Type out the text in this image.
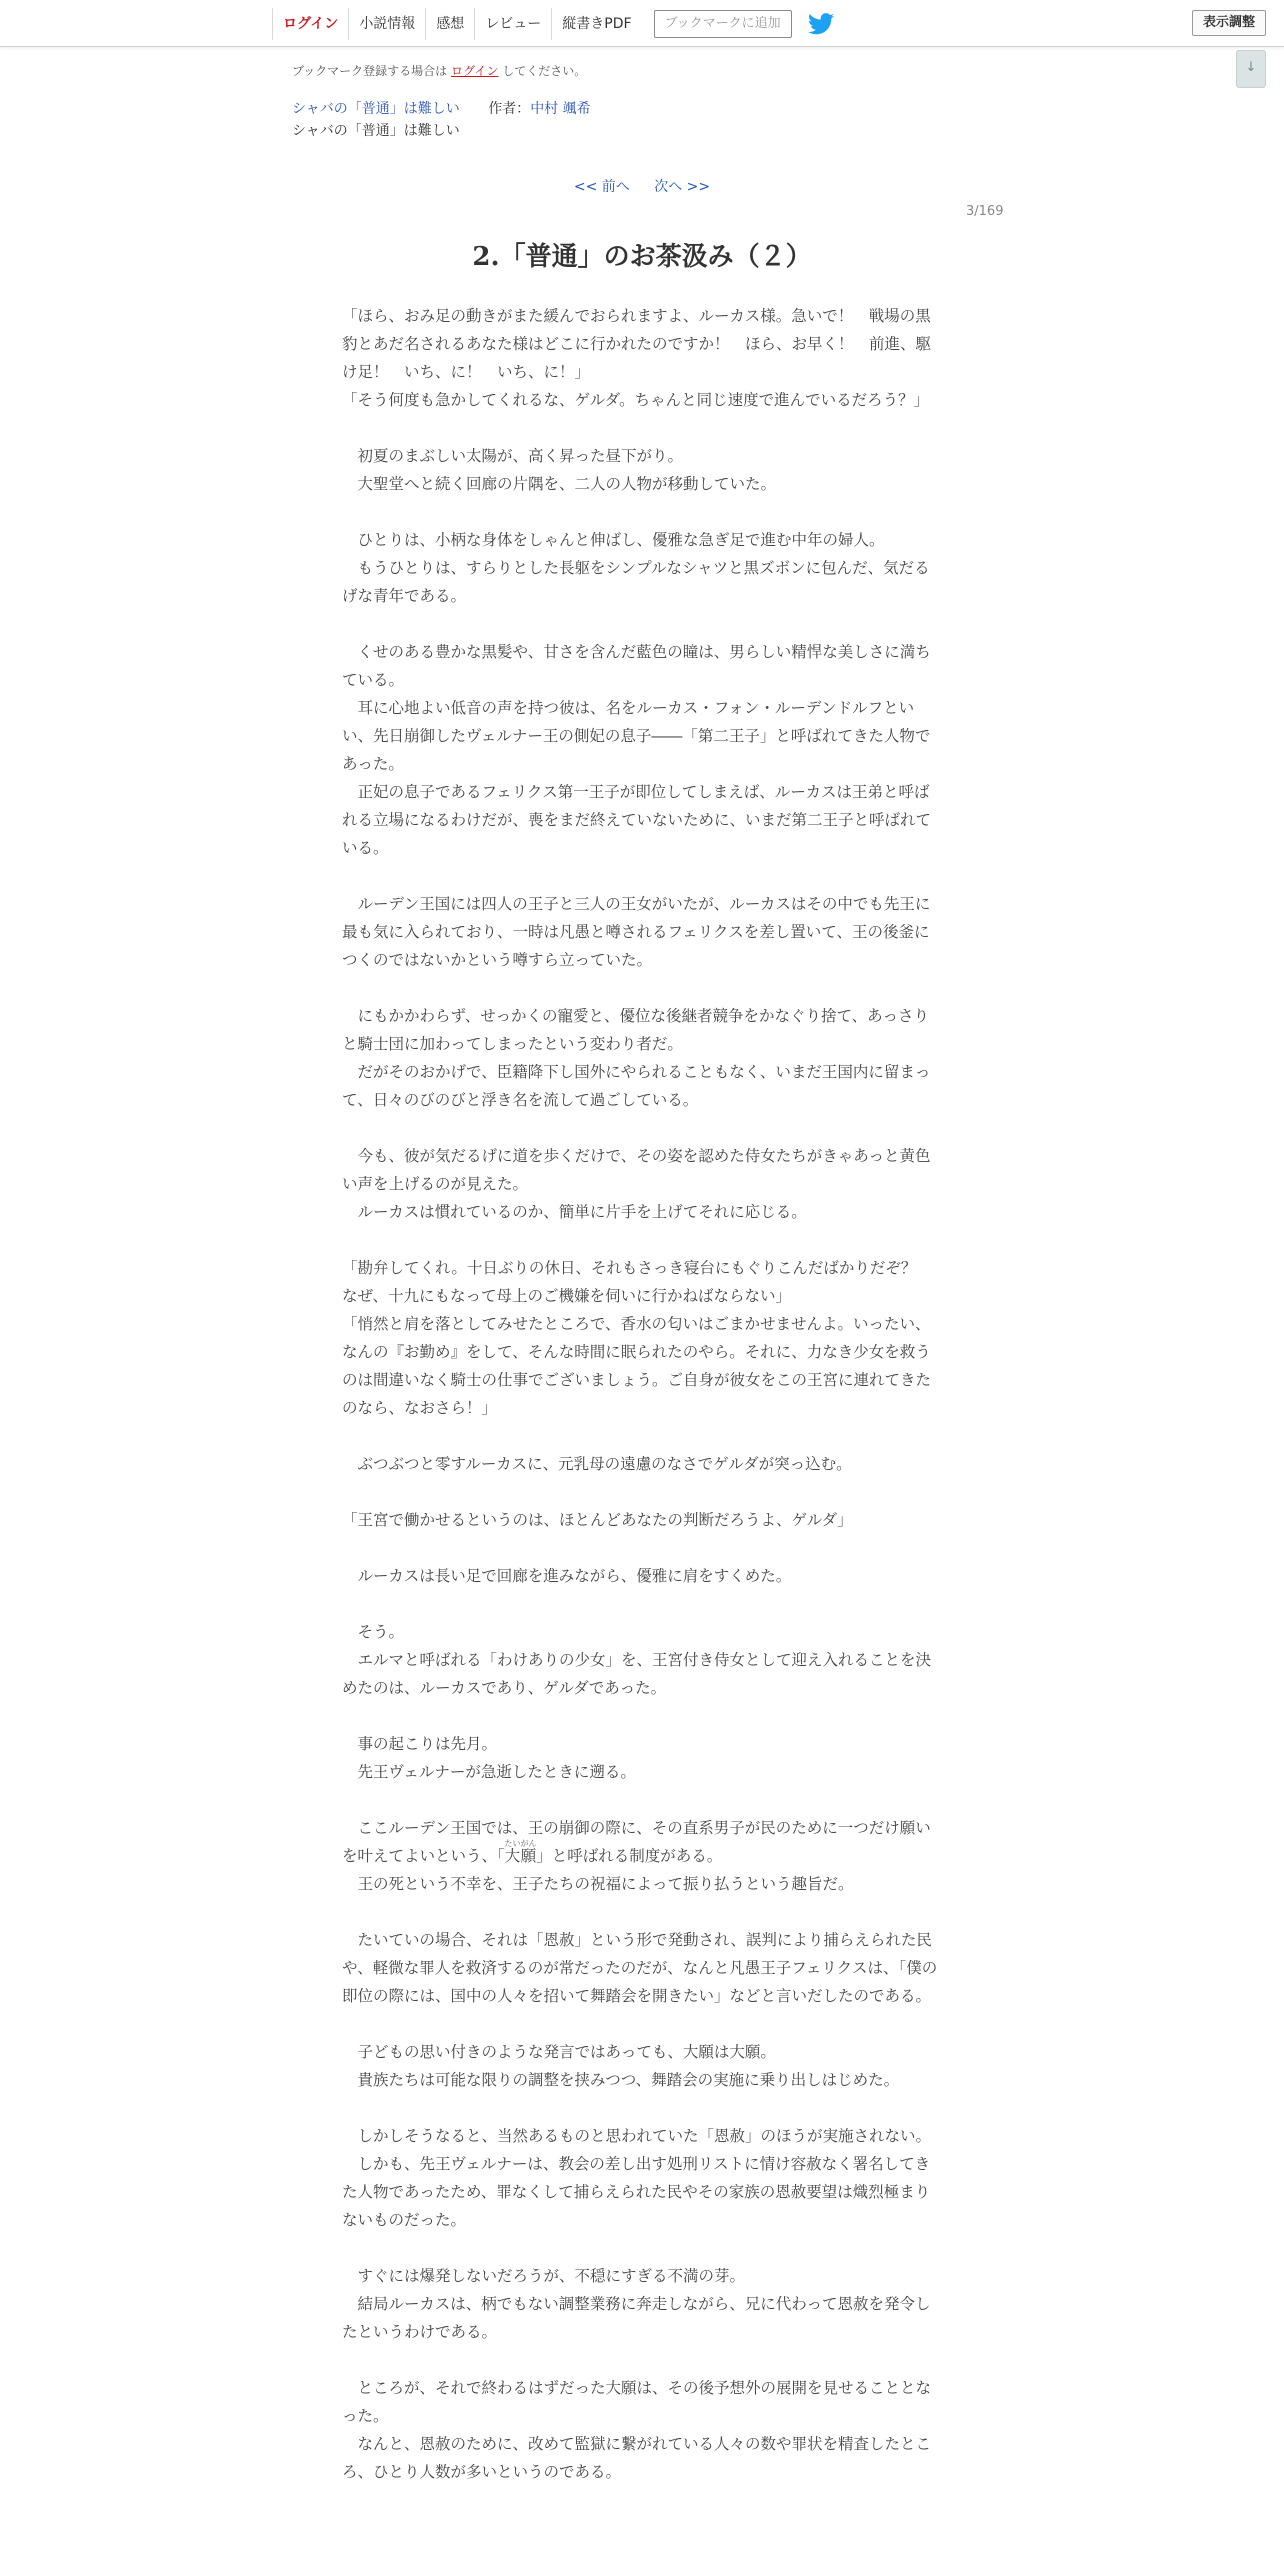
ログイン	小説情報	感想	レビュー	縦書きPDF	ブックマークに追加	表示調整
↓
ブックマーク登録する場合は ログイン してください。
シャバの「普通」は難しい 作者：中村 颯希
シャバの「普通」は難しい
<< 前へ 次へ >>
3/169
2.「普通」のお茶汲み（２）

「ほら、おみ足の動きがまた緩んでおられますよ、ルーカス様。急いで！　戦場の黒豹とあだ名されるあなた様はどこに行かれたのですか！　ほら、お早く！　前進、駆け足！　いち、に！　いち、に！」

「そう何度も急かしてくれるな、ゲルダ。ちゃんと同じ速度で進んでいるだろう？」

　初夏のまぶしい太陽が、高く昇った昼下がり。

　大聖堂へと続く回廊の片隅を、二人の人物が移動していた。

　ひとりは、小柄な身体をしゃんと伸ばし、優雅な急ぎ足で進む中年の婦人。

　もうひとりは、すらりとした長躯をシンプルなシャツと黒ズボンに包んだ、気だるげな青年である。

　くせのある豊かな黒髪や、甘さを含んだ藍色の瞳は、男らしい精悍な美しさに満ちている。

　耳に心地よい低音の声を持つ彼は、名をルーカス・フォン・ルーデンドルフといい、先日崩御したヴェルナー王の側妃の息子――「第二王子」と呼ばれてきた人物であった。

　正妃の息子であるフェリクス第一王子が即位してしまえば、ルーカスは王弟と呼ばれる立場になるわけだが、喪をまだ終えていないために、いまだ第二王子と呼ばれている。

　ルーデン王国には四人の王子と三人の王女がいたが、ルーカスはその中でも先王に最も気に入られており、一時は凡愚と噂されるフェリクスを差し置いて、王の後釜につくのではないかという噂すら立っていた。

　にもかかわらず、せっかくの寵愛と、優位な後継者競争をかなぐり捨て、あっさりと騎士団に加わってしまったという変わり者だ。

　だがそのおかげで、臣籍降下し国外にやられることもなく、いまだ王国内に留まって、日々のびのびと浮き名を流して過ごしている。

　今も、彼が気だるげに道を歩くだけで、その姿を認めた侍女たちがきゃあっと黄色い声を上げるのが見えた。

　ルーカスは慣れているのか、簡単に片手を上げてそれに応じる。

「勘弁してくれ。十日ぶりの休日、それもさっき寝台にもぐりこんだばかりだぞ？　なぜ、十九にもなって母上のご機嫌を伺いに行かねばならない」

「悄然と肩を落としてみせたところで、香水の匂いはごまかせませんよ。いったい、なんの『お勤め』をして、そんな時間に眠られたのやら。それに、力なき少女を救うのは間違いなく騎士の仕事でございましょう。ご自身が彼女をこの王宮に連れてきたのなら、なおさら！」

　ぶつぶつと零すルーカスに、元乳母の遠慮のなさでゲルダが突っ込む。

「王宮で働かせるというのは、ほとんどあなたの判断だろうよ、ゲルダ」

　ルーカスは長い足で回廊を進みながら、優雅に肩をすくめた。

　そう。

　エルマと呼ばれる「わけありの少女」を、王宮付き侍女として迎え入れることを決めたのは、ルーカスであり、ゲルダであった。

　事の起こりは先月。

　先王ヴェルナーが急逝したときに遡る。

　ここルーデン王国では、王の崩御の際に、その直系男子が民のために一つだけ願いを叶えてよいという、「大願たいがん」と呼ばれる制度がある。

　王の死という不幸を、王子たちの祝福によって振り払うという趣旨だ。

　たいていの場合、それは「恩赦」という形で発動され、誤判により捕らえられた民や、軽微な罪人を救済するのが常だったのだが、なんと凡愚王子フェリクスは、「僕の即位の際には、国中の人々を招いて舞踏会を開きたい」などと言いだしたのである。

　子どもの思い付きのような発言ではあっても、大願は大願。

　貴族たちは可能な限りの調整を挟みつつ、舞踏会の実施に乗り出しはじめた。

　しかしそうなると、当然あるものと思われていた「恩赦」のほうが実施されない。

　しかも、先王ヴェルナーは、教会の差し出す処刑リストに情け容赦なく署名してきた人物であったため、罪なくして捕らえられた民やその家族の恩赦要望は熾烈極まりないものだった。

　すぐには爆発しないだろうが、不穏にすぎる不満の芽。

　結局ルーカスは、柄でもない調整業務に奔走しながら、兄に代わって恩赦を発令したというわけである。

　ところが、それで終わるはずだった大願は、その後予想外の展開を見せることとなった。

　なんと、恩赦のために、改めて監獄に繋がれている人々の数や罪状を精査したところ、ひとり人数が多いというのである。
